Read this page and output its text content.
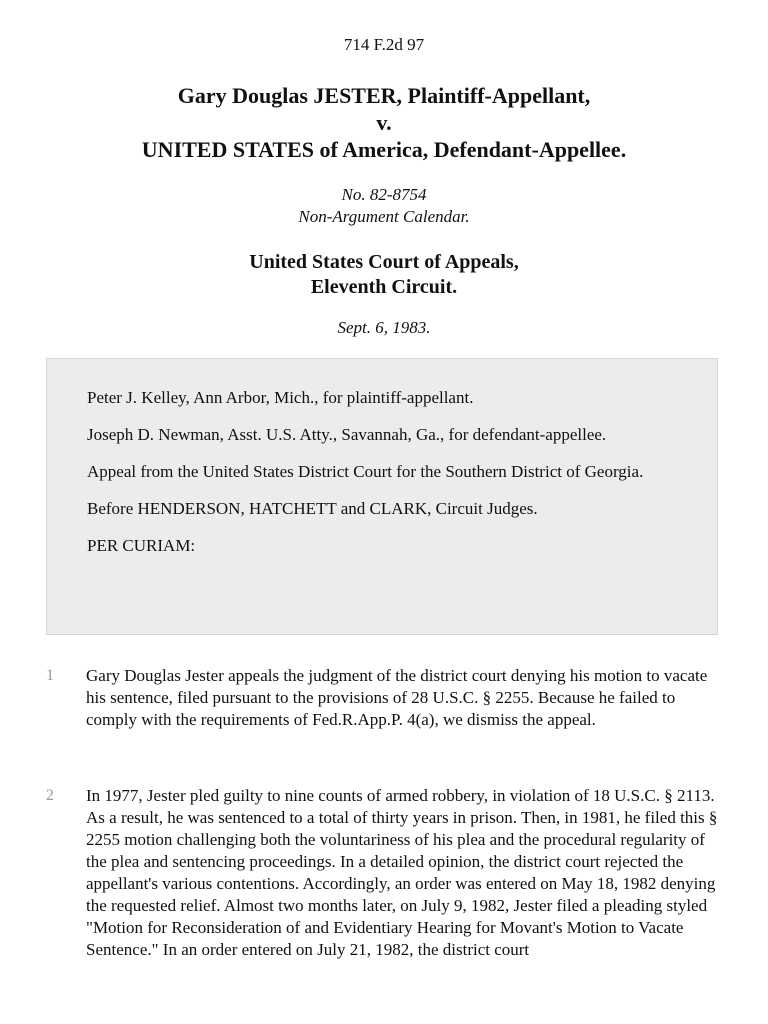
714 F.2d 97
Gary Douglas JESTER, Plaintiff-Appellant,
v.
UNITED STATES of America, Defendant-Appellee.
No. 82-8754
Non-Argument Calendar.
United States Court of Appeals,
Eleventh Circuit.
Sept. 6, 1983.

Peter J. Kelley, Ann Arbor, Mich., for plaintiff-appellant.

Joseph D. Newman, Asst. U.S. Atty., Savannah, Ga., for defendant-appellee.

Appeal from the United States District Court for the Southern District of Georgia.

Before HENDERSON, HATCHETT and CLARK, Circuit Judges.

PER CURIAM:

1 Gary Douglas Jester appeals the judgment of the district court denying his motion to vacate his sentence, filed pursuant to the provisions of 28 U.S.C. § 2255. Because he failed to comply with the requirements of Fed.R.App.P. 4(a), we dismiss the appeal.
2 In 1977, Jester pled guilty to nine counts of armed robbery, in violation of 18 U.S.C. § 2113. As a result, he was sentenced to a total of thirty years in prison. Then, in 1981, he filed this § 2255 motion challenging both the voluntariness of his plea and the procedural regularity of the plea and sentencing proceedings. In a detailed opinion, the district court rejected the appellant's various contentions. Accordingly, an order was entered on May 18, 1982 denying the requested relief. Almost two months later, on July 9, 1982, Jester filed a pleading styled "Motion for Reconsideration of and Evidentiary Hearing for Movant's Motion to Vacate Sentence." In an order entered on July 21, 1982, the district court
